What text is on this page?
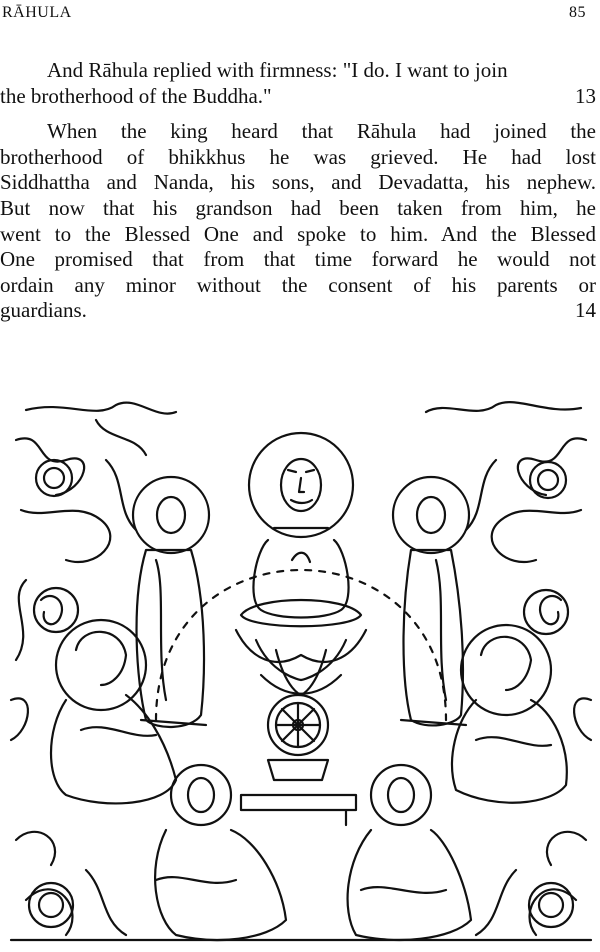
RĀHULA	85
And Rāhula replied with firmness: "I do. I want to join
the brotherhood of the Buddha."	13
When the king heard that Rāhula had joined the
brotherhood of bhikkhus he was grieved. He had lost
Siddhattha and Nanda, his sons, and Devadatta, his nephew.
But now that his grandson had been taken from him, he
went to the Blessed One and spoke to him. And the Blessed
One promised that from that time forward he would not
ordain any minor without the consent of his parents or
guardians.	14
